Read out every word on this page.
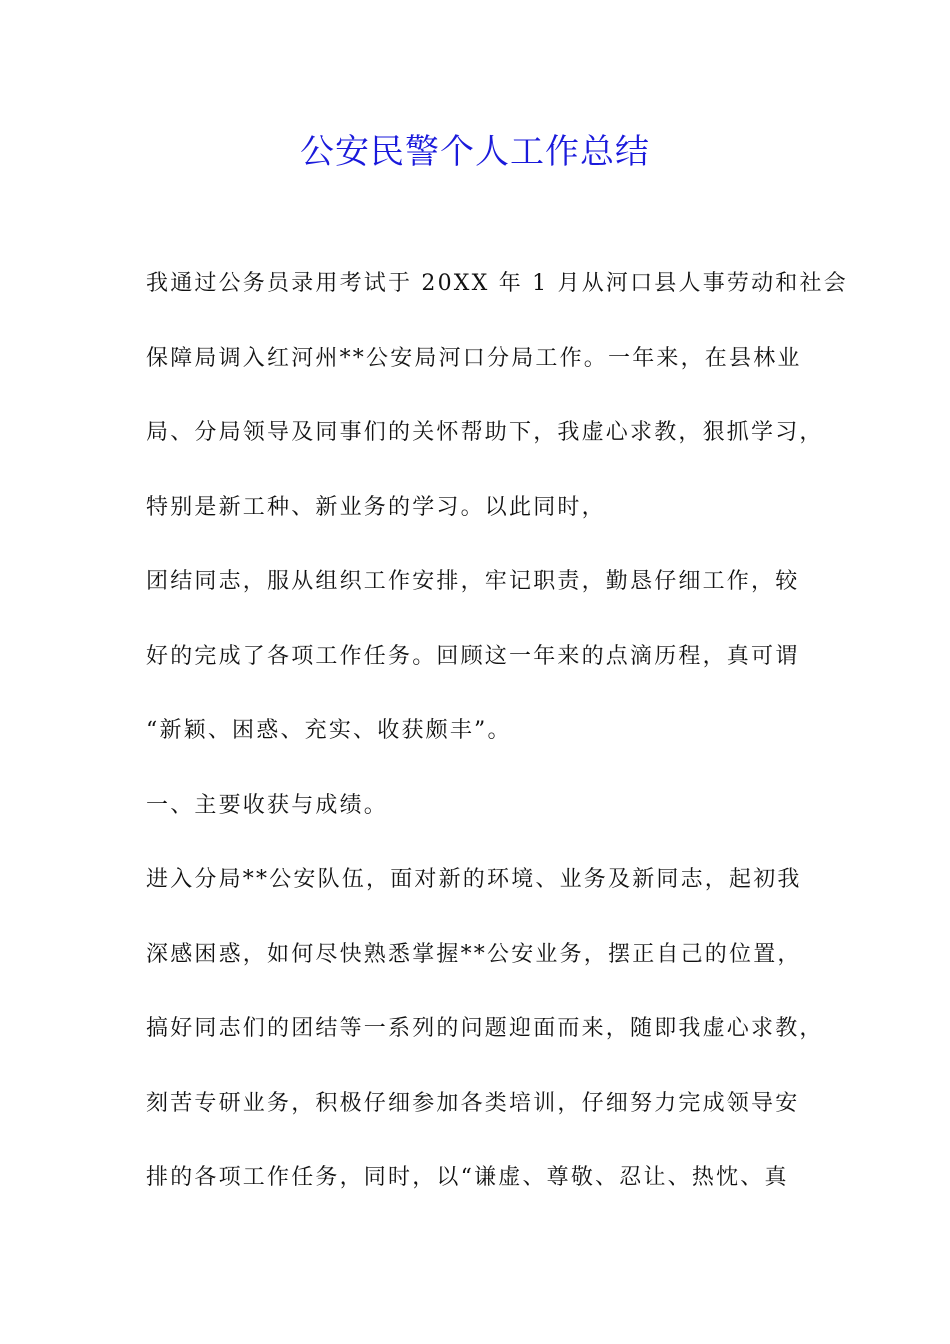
公安民警个人工作总结
我通过公务员录用考试于 20XX 年 1 月从河口县人事劳动和社会
保障局调入红河州**公安局河口分局工作。一年来，在县林业
局、分局领导及同事们的关怀帮助下，我虚心求教，狠抓学习，
特别是新工种、新业务的学习。以此同时，
团结同志，服从组织工作安排，牢记职责，勤恳仔细工作，较
好的完成了各项工作任务。回顾这一年来的点滴历程，真可谓
“新颖、困惑、充实、收获颇丰”。
一、主要收获与成绩。
进入分局**公安队伍，面对新的环境、业务及新同志，起初我
深感困惑，如何尽快熟悉掌握**公安业务，摆正自己的位置，
搞好同志们的团结等一系列的问题迎面而来，随即我虚心求教，
刻苦专研业务，积极仔细参加各类培训，仔细努力完成领导安
排的各项工作任务，同时，以“谦虚、尊敬、忍让、热忱、真
